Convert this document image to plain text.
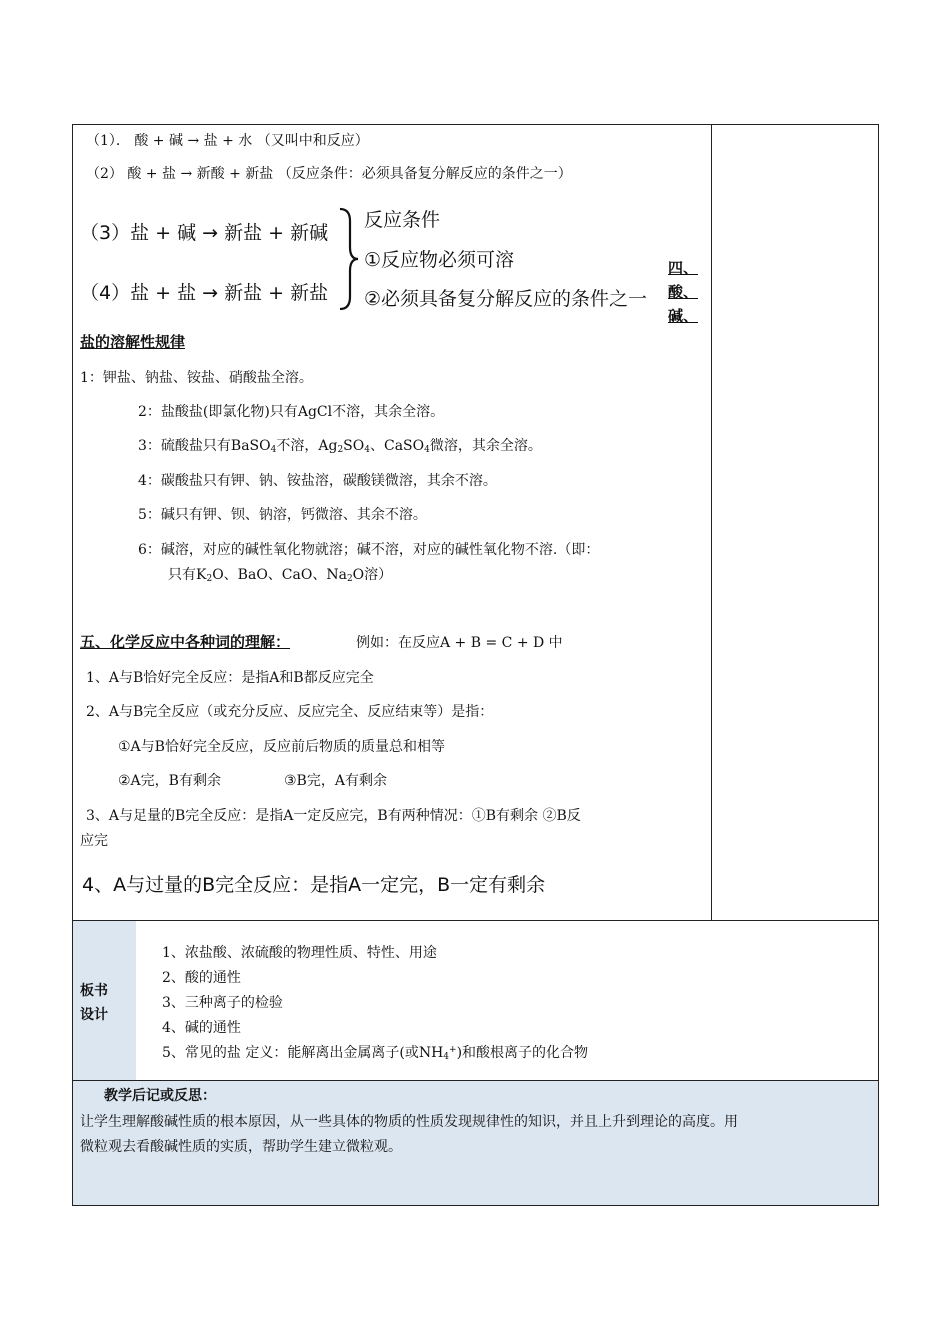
（1）． 酸 + 碱 → 盐 + 水 （又叫中和反应）
（2） 酸 + 盐 → 新酸 + 新盐 （反应条件：必须具备复分解反应的条件之一）
（3）盐 + 碱 → 新盐 + 新碱
（4）盐 + 盐 → 新盐 + 新盐
反应条件
①反应物必须可溶
②必须具备复分解反应的条件之一
四、
酸、
碱、
盐的溶解性规律
1：钾盐、钠盐、铵盐、硝酸盐全溶。
2：盐酸盐(即氯化物)只有AgCl不溶，其余全溶。
3：硫酸盐只有BaSO$_4$不溶，$Ag_2SO_4$、CaSO$_4$微溶，其余全溶。
4：碳酸盐只有钾、钠、铵盐溶，碳酸镁微溶，其余不溶。
5：碱只有钾、钡、钠溶，钙微溶、其余不溶。
6：碱溶，对应的碱性氧化物就溶；碱不溶，对应的碱性氧化物不溶.（即：
只有$K_2O$、BaO、CaO、$Na_2O$溶）
五、化学反应中各种词的理解：	例如：在反应A + B = C + D 中
1、A与B恰好完全反应：是指A和B都反应完全
2、A与B完全反应（或充分反应、反应完全、反应结束等）是指：
①A与B恰好完全反应，反应前后物质的质量总和相等
②A完，B有剩余	③B完，A有剩余
3、A与足量的B完全反应：是指A一定反应完，B有两种情况：①B有剩余 ②B反
应完
4、A与过量的B完全反应：是指A一定完，B一定有剩余
板书
设计
1、浓盐酸、浓硫酸的物理性质、特性、用途
2、酸的通性
3、三种离子的检验
4、碱的通性
5、常见的盐 定义：能解离出金属离子(或$NH_4^+$)和酸根离子的化合物
教学后记或反思：
让学生理解酸碱性质的根本原因，从一些具体的物质的性质发现规律性的知识，并且上升到理论的高度。用
微粒观去看酸碱性质的实质，帮助学生建立微粒观。
